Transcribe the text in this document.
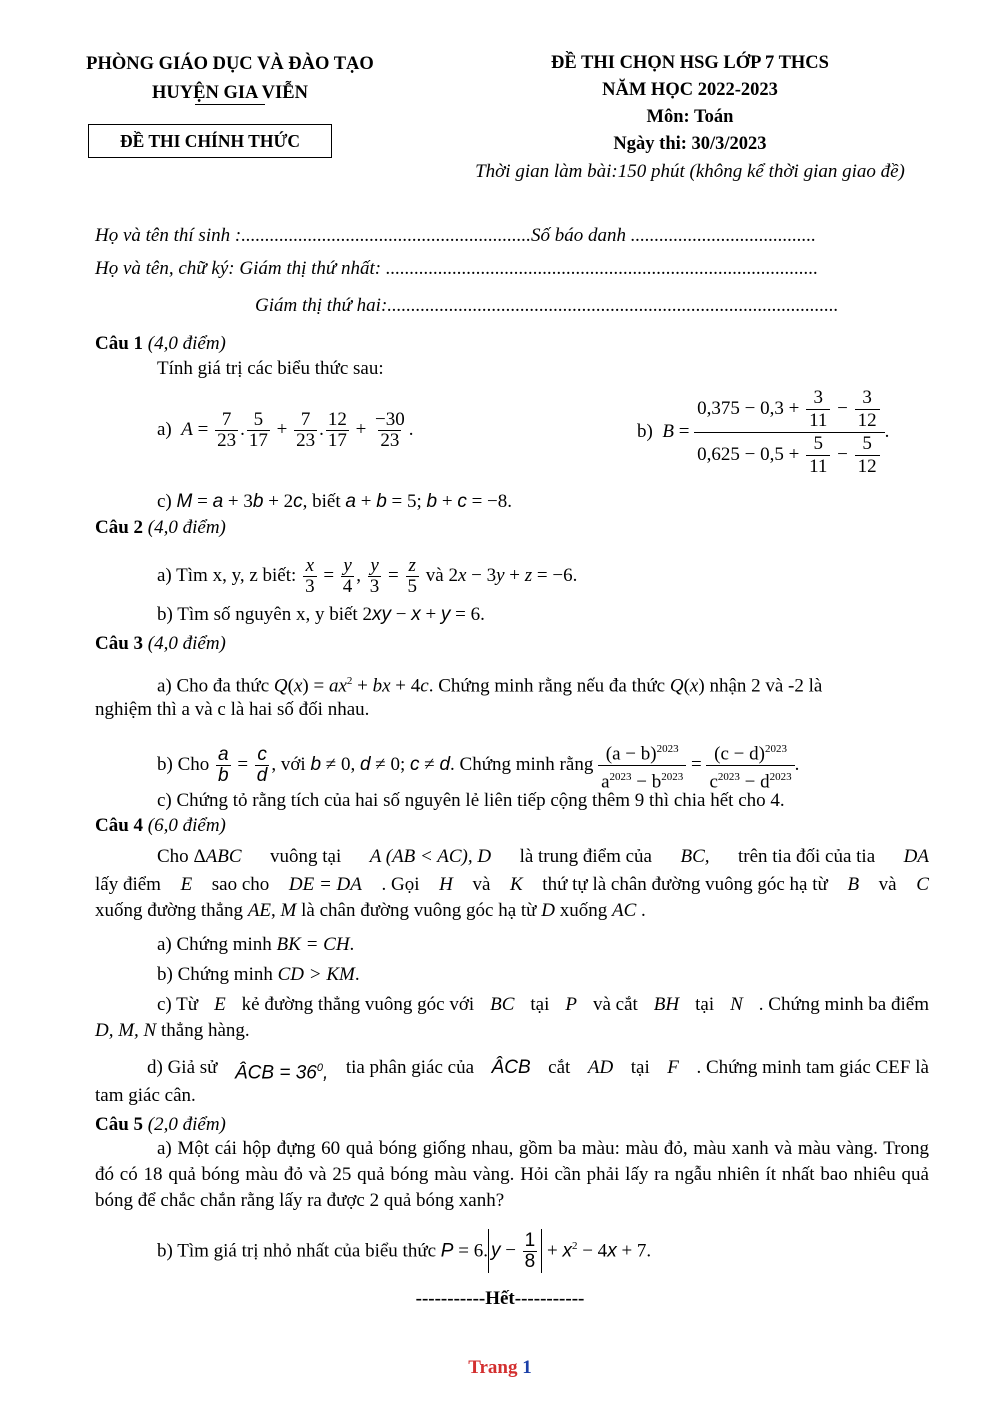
PHÒNG GIÁO DỤC VÀ ĐÀO TẠO
HUYỆN GIA VIỄN
ĐỀ THI CHÍNH THỨC
ĐỀ THI CHỌN HSG LỚP 7 THCS
NĂM HỌC 2022-2023
Môn: Toán
Ngày thi: 30/3/2023
Thời gian làm bài:150 phút (không kể thời gian giao đề)
Họ và tên thí sinh :.............................................................Số báo danh .......................................
Họ và tên, chữ ký: Giám thị thứ nhất: ...........................................................................................
Giám thị thứ hai:...............................................................................................
Câu 1 (4,0 điểm)
Tính giá trị các biểu thức sau:
a) $A = \frac{7}{23}$ . $\frac{5}{17} + \frac{7}{23}$ . $\frac{12}{17} + \frac{-30}{23}$ .	b) $B = \frac{0,375 - 0,3 + \frac{3}{11} - \frac{3}{12}}{0,625 - 0,5 + \frac{5}{11} - \frac{5}{12}}$ .
c) M = a + 3b + 2c, biết a + b = 5; b + c = −8.
Câu 2 (4,0 điểm)
a) Tìm x, y, z biết: $\frac{x}{3} = \frac{y}{4}$ , $\frac{y}{3} = \frac{z}{5}$ và 2x − 3y + z = −6.
b) Tìm số nguyên x, y biết 2xy − x + y = 6.
Câu 3 (4,0 điểm)
a) Cho đa thức $Q(x) = ax^2$ + bx + 4c. Chứng minh rằng nếu đa thức Q(x) nhận 2 và -2 là
nghiệm thì a và c là hai số đối nhau.
b) Cho $\frac{a}{b} = \frac{c}{d}$ , với b ≠ 0, d ≠ 0; c ≠ d. Chứng minh rằng $\frac{(a - b)^{2023}}{a^{2023} - b^{2023}} = \frac{(c - d)^{2023}}{c^{2023} - d^{2023}}$ .
c) Chứng tỏ rằng tích của hai số nguyên lẻ liên tiếp cộng thêm 9 thì chia hết cho 4.
Câu 4 (6,0 điểm)
Cho ΔABC vuông tại A (AB < AC), D là trung điểm của BC, trên tia đối của tia DA
lấy điểm E sao cho DE = DA . Gọi H và K thứ tự là chân đường vuông góc hạ từ B và C
xuống đường thẳng AE, M là chân đường vuông góc hạ từ D xuống AC .
a) Chứng minh BK = CH.
b) Chứng minh CD > KM.
c) Từ E kẻ đường thẳng vuông góc với BC tại P và cắt BH tại N . Chứng minh ba điểm
D, M, N thẳng hàng.
d) Giả sử ÂCB = $36^0$, tia phân giác của ÂCB cắt AD tại F . Chứng minh tam giác CEF là
tam giác cân.
Câu 5 (2,0 điểm)
a) Một cái hộp đựng 60 quả bóng giống nhau, gồm ba màu: màu đỏ, màu xanh và màu vàng. Trong đó có 18 quả bóng màu đỏ và 25 quả bóng màu vàng. Hỏi cần phải lấy ra ngẫu nhiên ít nhất bao nhiêu quả bóng để chắc chắn rằng lấy ra được 2 quả bóng xanh?
b) Tìm giá trị nhỏ nhất của biểu thức P = 6. $y - \frac{1}{8} + x^2 - 4x + 7$.
-----------Hết-----------
Trang 1
